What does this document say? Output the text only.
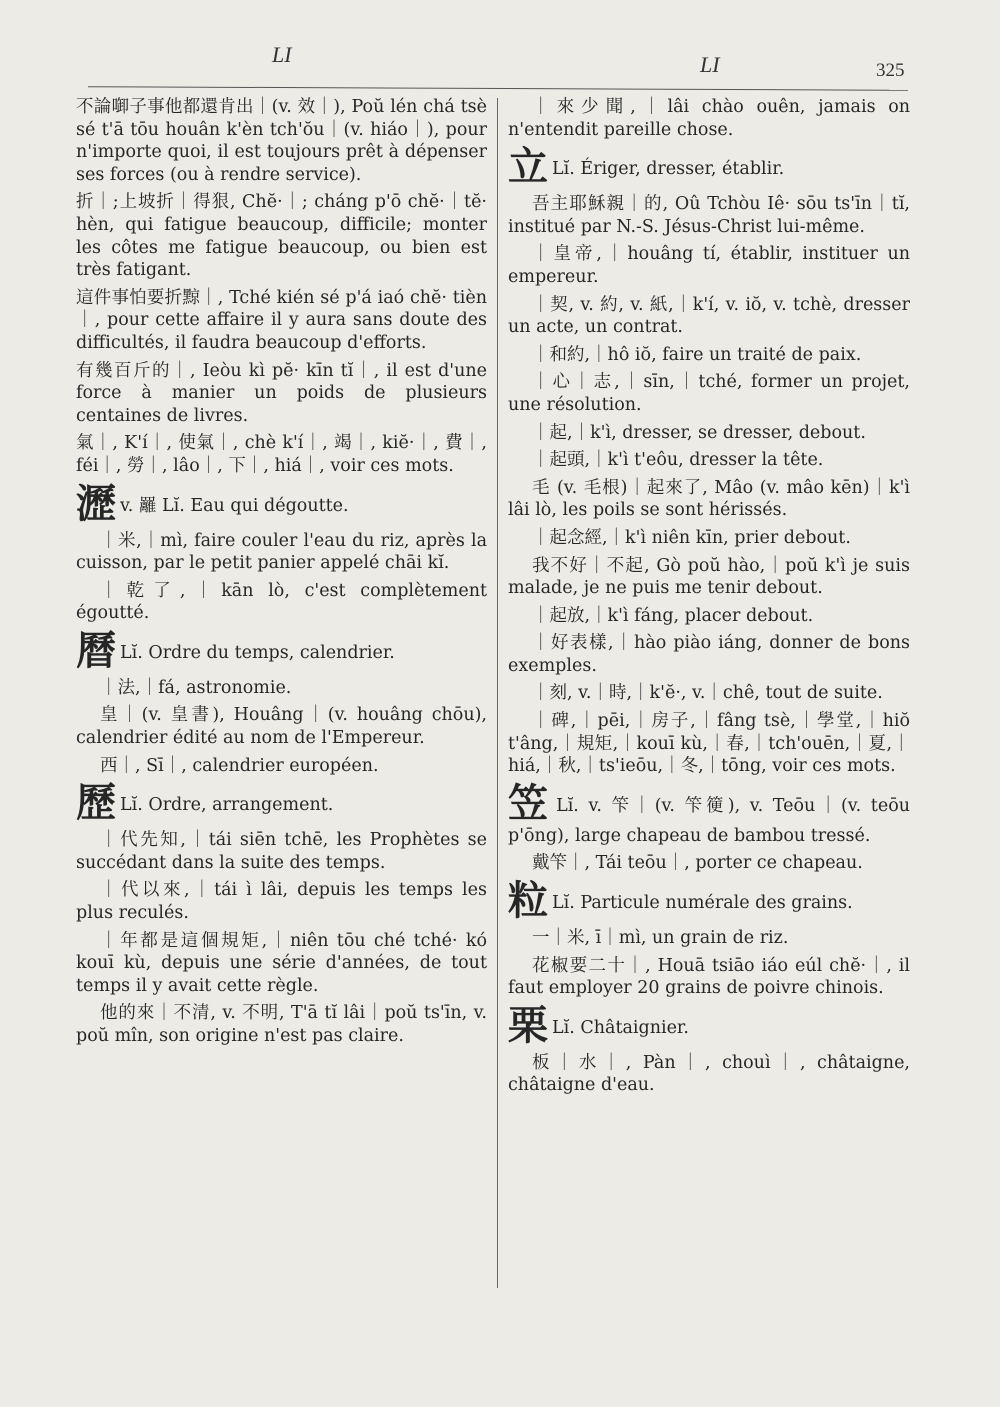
LI	LI	325
不論啣子事他都還肯出｜(v. 效｜), Poŭ lén chá tsè sé t'ā tōu houân k'èn tch'ŏu｜(v. hiáo｜), pour n'importe quoi, il est toujours prêt à dépenser ses forces (ou à rendre service).
折｜;上坡折｜得狠, Chĕ·｜; cháng p'ō chĕ·｜tĕ· hèn, qui fatigue beaucoup, difficile; monter les côtes me fatigue beaucoup, ou bien est très fatigant.
這件事怕要折黥｜, Tché kién sé p'á iaó chĕ· tièn｜, pour cette affaire il y aura sans doute des difficultés, il faudra beaucoup d'efforts.
有幾百斤的｜, Ieòu kì pĕ· kīn tĭ｜, il est d'une force à manier un poids de plusieurs centaines de livres.
氣｜, K'í｜, 使氣｜, chè k'í｜, 竭｜, kiĕ·｜, 費｜, féi｜, 勞｜, lâo｜, 下｜, hiá｜, voir ces mots.
瀝v. 䍦 Lĭ. Eau qui dégoutte.
｜米,｜mì, faire couler l'eau du riz, après la cuisson, par le petit panier appelé chāi kĭ.
｜乾了,｜kān lò, c'est complètement égoutté.
曆 Lĭ. Ordre du temps, calendrier.
｜法,｜fá, astronomie.
皇｜(v. 皇書), Houâng｜(v. houâng chōu), calendrier édité au nom de l'Empereur.
西｜, Sī｜, calendrier européen.
歷 Lĭ. Ordre, arrangement.
｜代先知,｜tái siēn tchē, les Prophètes se succédant dans la suite des temps.
｜代以來,｜tái ì lâi, depuis les temps les plus reculés.
｜年都是這個規矩,｜niên tōu ché tché· kó kouī kù, depuis une série d'années, de tout temps il y avait cette règle.
他的來｜不清, v. 不明, T'ā tĭ lâi｜poŭ ts'īn, v. poŭ mîn, son origine n'est pas claire.
｜來少聞,｜lâi chào ouên, jamais on n'entendit pareille chose.
立 Lĭ. Ériger, dresser, établir.
吾主耶穌親｜的, Oû Tchòu Iê· sōu ts'īn｜tĭ, institué par N.-S. Jésus-Christ lui-même.
｜皇帝,｜houâng tí, établir, instituer un empereur.
｜契, v. 約, v. 紙,｜k'í, v. iŏ, v. tchè, dresser un acte, un contrat.
｜和約,｜hô iŏ, faire un traité de paix.
｜心｜志,｜sīn,｜tché, former un projet, une résolution.
｜起,｜k'ì, dresser, se dresser, debout.
｜起頭,｜k'ì t'eôu, dresser la tête.
毛 (v. 毛根)｜起來了, Mâo (v. mâo kēn)｜k'ì lâi lò, les poils se sont hérissés.
｜起念經,｜k'ì niên kīn, prier debout.
我不好｜不起, Gò poŭ hào,｜poŭ k'ì je suis malade, je ne puis me tenir debout.
｜起放,｜k'ì fáng, placer debout.
｜好表樣,｜hào piào iáng, donner de bons exemples.
｜刻, v.｜時,｜k'ĕ·, v.｜chê, tout de suite.
｜碑,｜pēi,｜房子,｜fâng tsè,｜學堂,｜hiŏ t'âng,｜規矩,｜kouī kù,｜春,｜tch'ouēn,｜夏,｜hiá,｜秋,｜ts'ieōu,｜冬,｜tōng, voir ces mots.
笠 Lĭ. v. 笇｜(v. 笇箯), v. Teōu｜(v. teōu p'ōng), large chapeau de bambou tressé.
戴笇｜, Tái teōu｜, porter ce chapeau.
粒 Lĭ. Particule numérale des grains.
一｜米, ī｜mì, un grain de riz.
花椒要二十｜, Houā tsiāo iáo eúl chĕ·｜, il faut employer 20 grains de poivre chinois.
栗 Lĭ. Châtaignier.
板｜水｜, Pàn｜, chouì｜, châtaigne, châtaigne d'eau.
